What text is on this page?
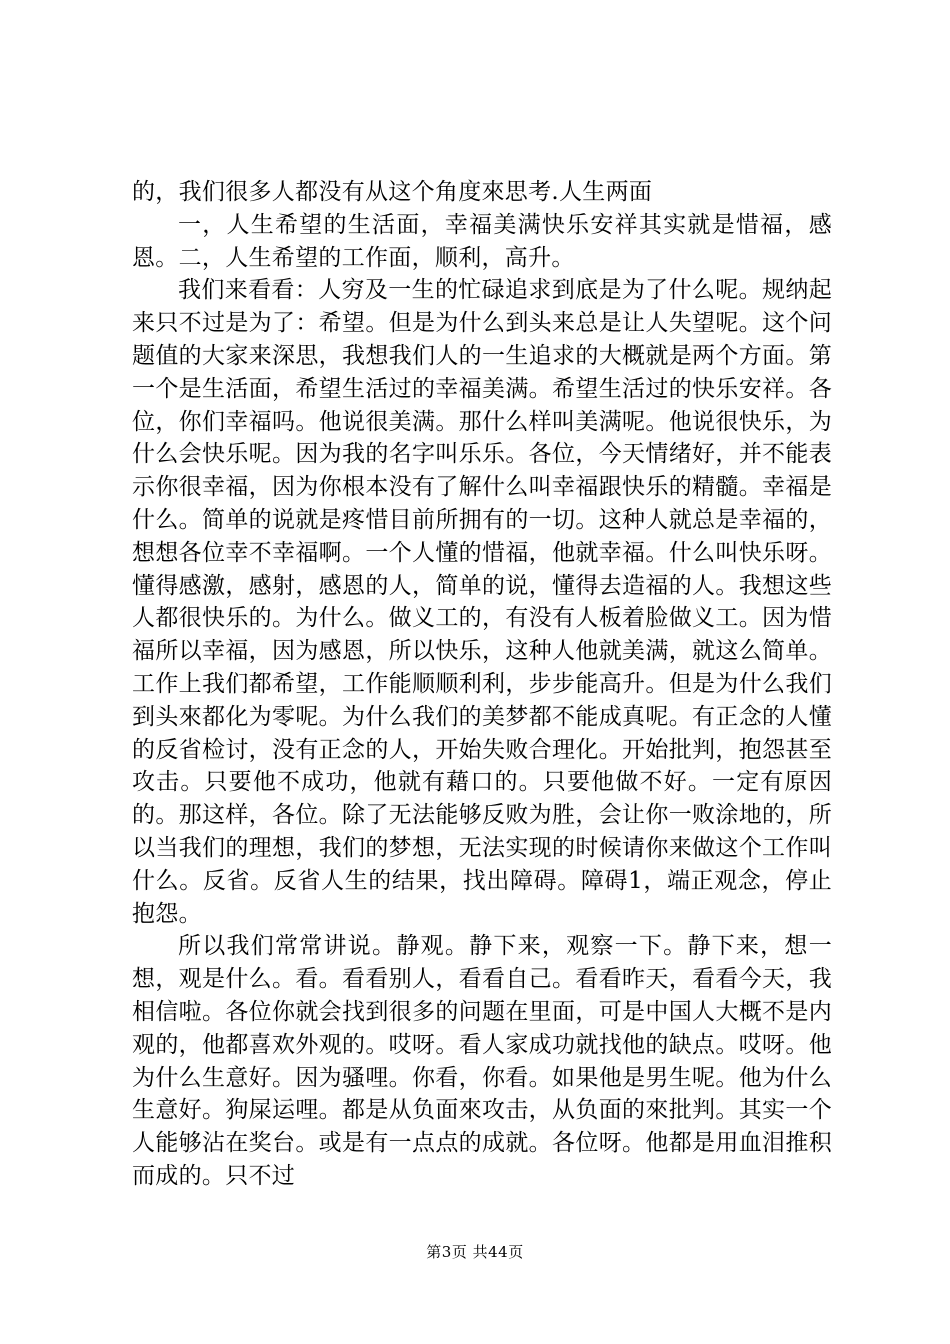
的，我们很多人都没有从这个角度來思考.人生两面

一，人生希望的生活面，幸福美满快乐安祥其实就是惜福，感恩。二，人生希望的工作面，顺利，高升。

我们来看看：人穷及一生的忙碌追求到底是为了什么呢。规纳起来只不过是为了：希望。但是为什么到头来总是让人失望呢。这个问题值的大家来深思，我想我们人的一生追求的大概就是两个方面。第一个是生活面，希望生活过的幸福美满。希望生活过的快乐安祥。各位，你们幸福吗。他说很美满。那什么样叫美满呢。他说很快乐，为什么会快乐呢。因为我的名字叫乐乐。各位，今天情绪好，并不能表示你很幸福，因为你根本没有了解什么叫幸福跟快乐的精髓。幸福是什么。简单的说就是疼惜目前所拥有的一切。这种人就总是幸福的，想想各位幸不幸福啊。一个人懂的惜福，他就幸福。什么叫快乐呀。懂得感激，感射，感恩的人，简单的说，懂得去造福的人。我想这些人都很快乐的。为什么。做义工的，有没有人板着脸做义工。因为惜福所以幸福，因为感恩，所以快乐，这种人他就美满，就这么简单。工作上我们都希望，工作能顺顺利利，步步能高升。但是为什么我们到头來都化为零呢。为什么我们的美梦都不能成真呢。有正念的人懂的反省检讨，没有正念的人，开始失败合理化。开始批判，抱怨甚至攻击。只要他不成功，他就有藉口的。只要他做不好。一定有原因的。那这样，各位。除了无法能够反败为胜，会让你一败涂地的，所以当我们的理想，我们的梦想，无法实现的时候请你来做这个工作叫什么。反省。反省人生的结果，找出障碍。障碍1，端正观念，停止抱怨。

所以我们常常讲说。静观。静下来，观察一下。静下来，想一想，观是什么。看。看看别人，看看自己。看看昨天，看看今天，我相信啦。各位你就会找到很多的问题在里面，可是中国人大概不是内观的，他都喜欢外观的。哎呀。看人家成功就找他的缺点。哎呀。他为什么生意好。因为骚哩。你看，你看。如果他是男生呢。他为什么生意好。狗屎运哩。都是从负面來攻击，从负面的來批判。其实一个人能够沾在奖台。或是有一点点的成就。各位呀。他都是用血泪推积而成的。只不过

第3页 共44页
